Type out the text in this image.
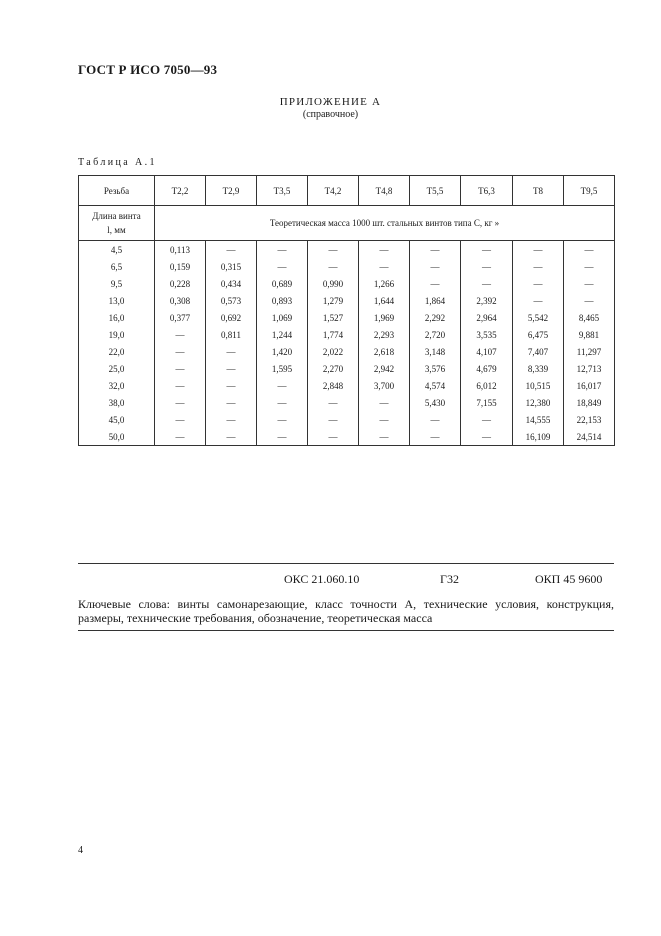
ГОСТ Р ИСО 7050—93
ПРИЛОЖЕНИЕ А
(справочное)
Таблица А.1
Резьба	Т2,2	Т2,9	Т3,5	Т4,2	Т4,8	Т5,5	Т6,3	Т8	Т9,5
Длина винта
l, мм	Теоретическая масса 1000 шт. стальных винтов типа С, кг »								
4,5	0,113	—	—	—	—	—	—	—	—
6,5	0,159	0,315	—	—	—	—	—	—	—
9,5	0,228	0,434	0,689	0,990	1,266	—	—	—	—
13,0	0,308	0,573	0,893	1,279	1,644	1,864	2,392	—	—
16,0	0,377	0,692	1,069	1,527	1,969	2,292	2,964	5,542	8,465
19,0	—	0,811	1,244	1,774	2,293	2,720	3,535	6,475	9,881
22,0	—	—	1,420	2,022	2,618	3,148	4,107	7,407	11,297
25,0	—	—	1,595	2,270	2,942	3,576	4,679	8,339	12,713
32,0	—	—	—	2,848	3,700	4,574	6,012	10,515	16,017
38,0	—	—	—	—	—	5,430	7,155	12,380	18,849
45,0	—	—	—	—	—	—	—	14,555	22,153
50,0	—	—	—	—	—	—	—	16,109	24,514
ОКС 21.060.10	Г32	ОКП 45 9600
Ключевые слова: винты самонарезающие, класс точности А, технические условия, конструкция, размеры, технические требования, обозначение, теоретическая масса
4
